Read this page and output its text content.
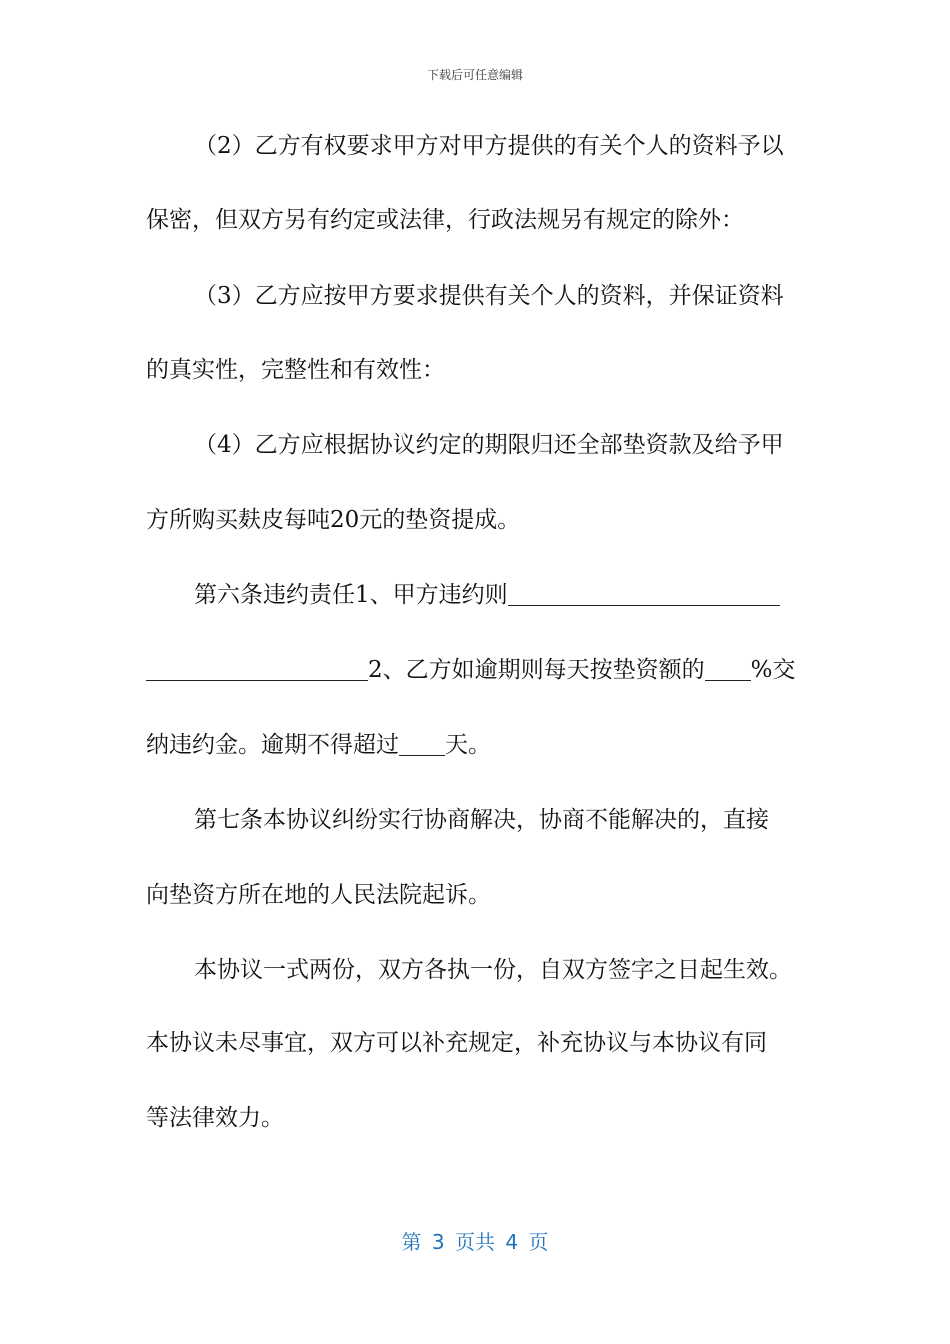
下载后可任意编辑
（2）乙方有权要求甲方对甲方提供的有关个人的资料予以
保密，但双方另有约定或法律，行政法规另有规定的除外：
（3）乙方应按甲方要求提供有关个人的资料，并保证资料
的真实性，完整性和有效性：
（4）乙方应根据协议约定的期限归还全部垫资款及给予甲
方所购买麸皮每吨20元的垫资提成。
第六条违约责任1、甲方违约则
2、乙方如逾期则每天按垫资额的 %交
纳违约金。逾期不得超过 天。
第七条本协议纠纷实行协商解决，协商不能解决的，直接
向垫资方所在地的人民法院起诉。
本协议一式两份，双方各执一份，自双方签字之日起生效。
本协议未尽事宜，双方可以补充规定，补充协议与本协议有同
等法律效力。
第 3 页共 4 页
